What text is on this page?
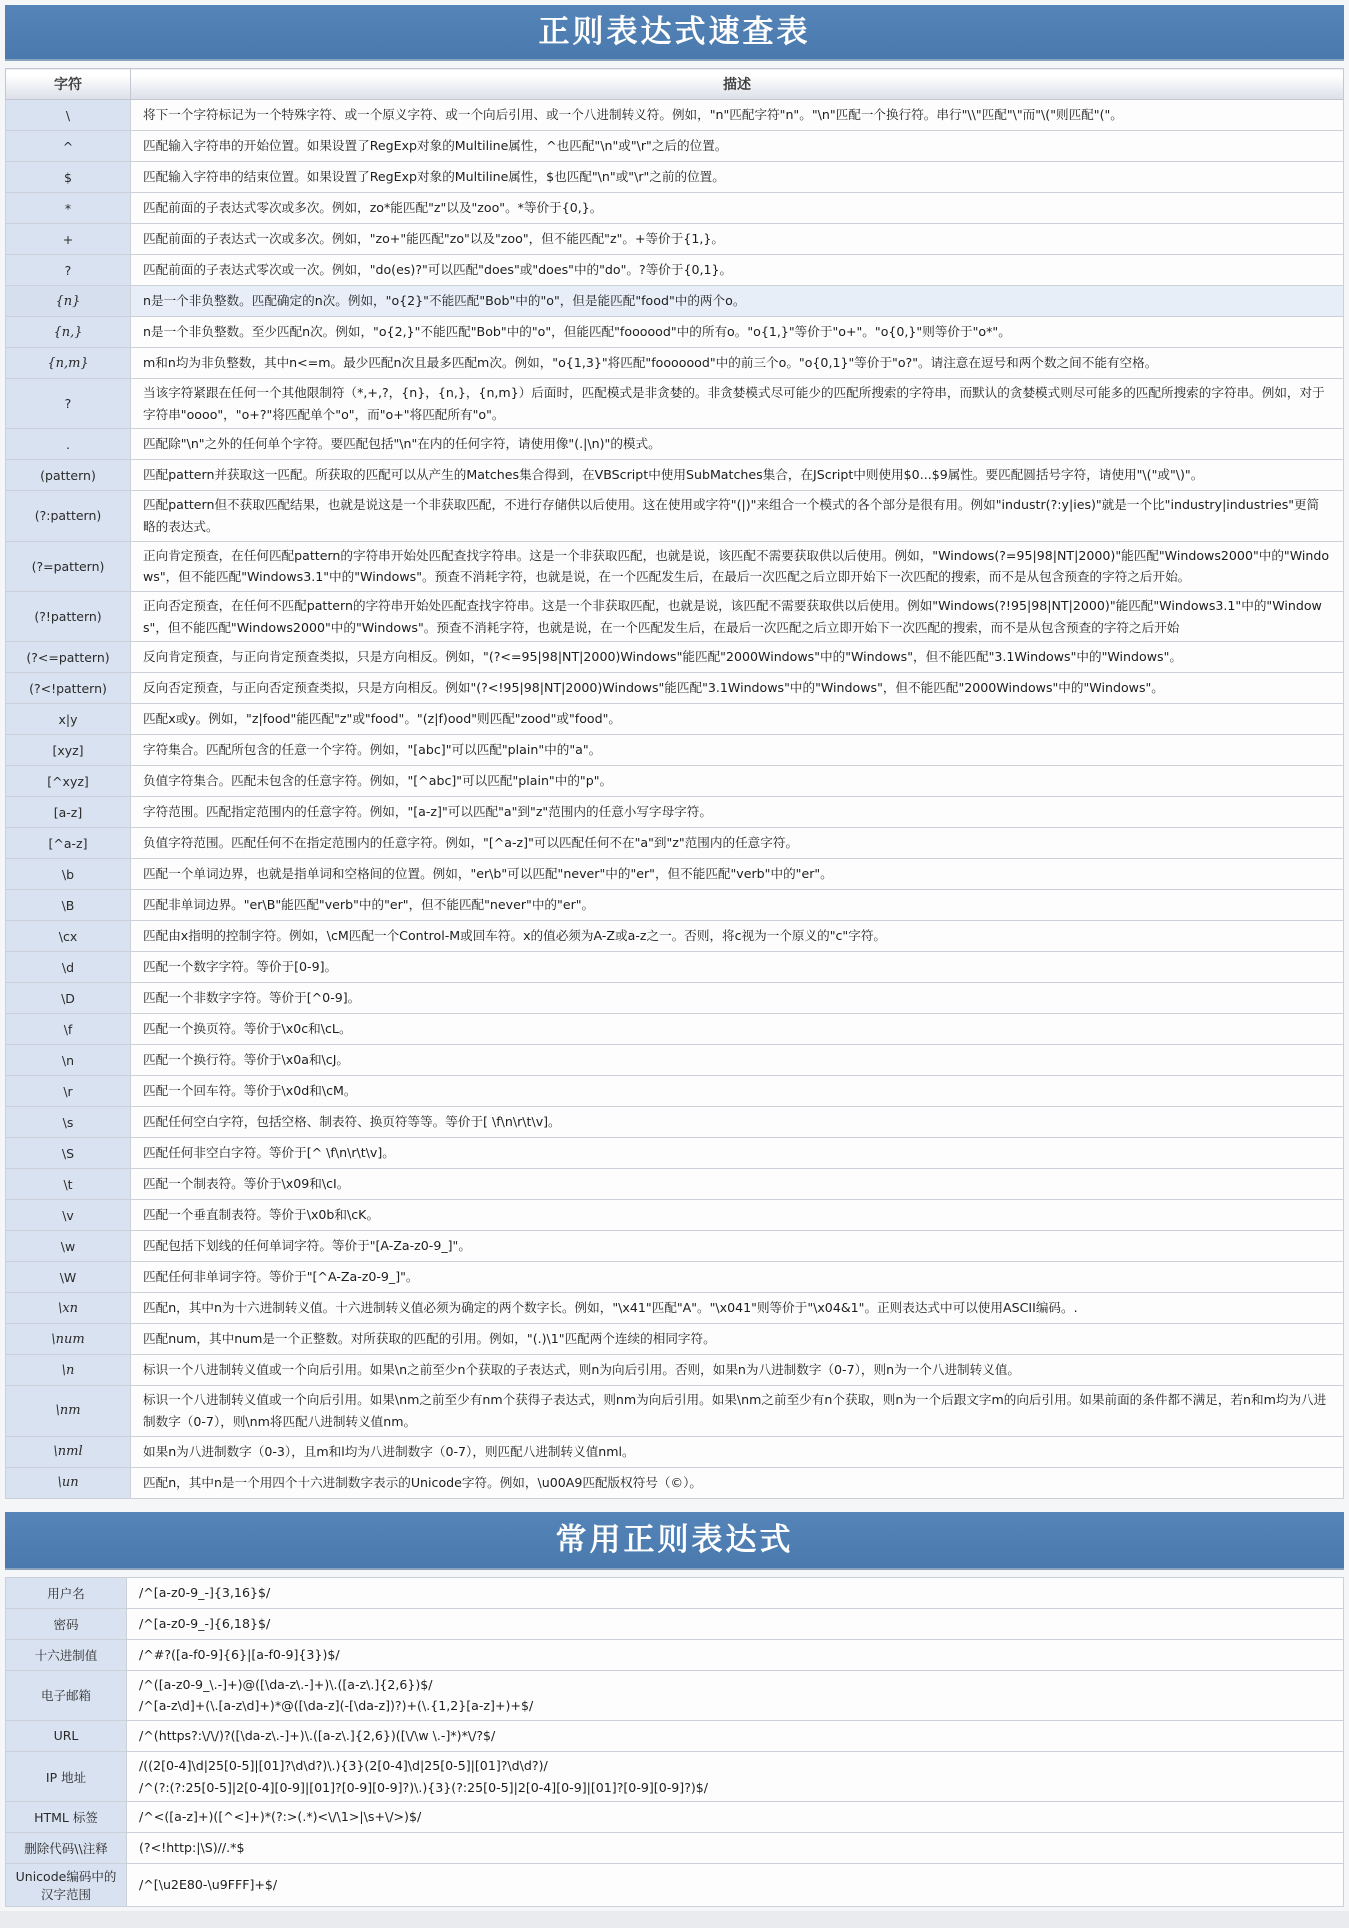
正则表达式速查表
字符	描述
\	将下一个字符标记为一个特殊字符、或一个原义字符、或一个向后引用、或一个八进制转义符。例如，"n"匹配字符"n"。"\n"匹配一个换行符。串行"\\"匹配"\"而"\("则匹配"("。
^	匹配输入字符串的开始位置。如果设置了RegExp对象的Multiline属性，^也匹配"\n"或"\r"之后的位置。
$	匹配输入字符串的结束位置。如果设置了RegExp对象的Multiline属性，$也匹配"\n"或"\r"之前的位置。
*	匹配前面的子表达式零次或多次。例如，zo*能匹配"z"以及"zoo"。*等价于{0,}。
+	匹配前面的子表达式一次或多次。例如，"zo+"能匹配"zo"以及"zoo"，但不能匹配"z"。+等价于{1,}。
?	匹配前面的子表达式零次或一次。例如，"do(es)?"可以匹配"does"或"does"中的"do"。?等价于{0,1}。
{n}	n是一个非负整数。匹配确定的n次。例如，"o{2}"不能匹配"Bob"中的"o"，但是能匹配"food"中的两个o。
{n,}	n是一个非负整数。至少匹配n次。例如，"o{2,}"不能匹配"Bob"中的"o"，但能匹配"foooood"中的所有o。"o{1,}"等价于"o+"。"o{0,}"则等价于"o*"。
{n,m}	m和n均为非负整数，其中n<=m。最少匹配n次且最多匹配m次。例如，"o{1,3}"将匹配"fooooood"中的前三个o。"o{0,1}"等价于"o?"。请注意在逗号和两个数之间不能有空格。
?	当该字符紧跟在任何一个其他限制符（*,+,?，{n}，{n,}，{n,m}）后面时，匹配模式是非贪婪的。非贪婪模式尽可能少的匹配所搜索的字符串，而默认的贪婪模式则尽可能多的匹配所搜索的字符串。例如，对于字符串"oooo"，"o+?"将匹配单个"o"，而"o+"将匹配所有"o"。
.	匹配除"\n"之外的任何单个字符。要匹配包括"\n"在内的任何字符，请使用像"(.|\n)"的模式。
(pattern)	匹配pattern并获取这一匹配。所获取的匹配可以从产生的Matches集合得到，在VBScript中使用SubMatches集合，在JScript中则使用$0...$9属性。要匹配圆括号字符，请使用"\("或"\)"。
(?:pattern)	匹配pattern但不获取匹配结果，也就是说这是一个非获取匹配，不进行存储供以后使用。这在使用或字符"(|)"来组合一个模式的各个部分是很有用。例如"industr(?:y|ies)"就是一个比"industry|industries"更简略的表达式。
(?=pattern)	正向肯定预查，在任何匹配pattern的字符串开始处匹配查找字符串。这是一个非获取匹配，也就是说，该匹配不需要获取供以后使用。例如，"Windows(?=95|98|NT|2000)"能匹配"Windows2000"中的"Windows"，但不能匹配"Windows3.1"中的"Windows"。预查不消耗字符，也就是说，在一个匹配发生后，在最后一次匹配之后立即开始下一次匹配的搜索，而不是从包含预查的字符之后开始。
(?!pattern)	正向否定预查，在任何不匹配pattern的字符串开始处匹配查找字符串。这是一个非获取匹配，也就是说，该匹配不需要获取供以后使用。例如"Windows(?!95|98|NT|2000)"能匹配"Windows3.1"中的"Windows"，但不能匹配"Windows2000"中的"Windows"。预查不消耗字符，也就是说，在一个匹配发生后，在最后一次匹配之后立即开始下一次匹配的搜索，而不是从包含预查的字符之后开始
(?<=pattern)	反向肯定预查，与正向肯定预查类拟，只是方向相反。例如，"(?<=95|98|NT|2000)Windows"能匹配"2000Windows"中的"Windows"，但不能匹配"3.1Windows"中的"Windows"。
(?<!pattern)	反向否定预查，与正向否定预查类拟，只是方向相反。例如"(?<!95|98|NT|2000)Windows"能匹配"3.1Windows"中的"Windows"，但不能匹配"2000Windows"中的"Windows"。
x|y	匹配x或y。例如，"z|food"能匹配"z"或"food"。"(z|f)ood"则匹配"zood"或"food"。
[xyz]	字符集合。匹配所包含的任意一个字符。例如，"[abc]"可以匹配"plain"中的"a"。
[^xyz]	负值字符集合。匹配未包含的任意字符。例如，"[^abc]"可以匹配"plain"中的"p"。
[a-z]	字符范围。匹配指定范围内的任意字符。例如，"[a-z]"可以匹配"a"到"z"范围内的任意小写字母字符。
[^a-z]	负值字符范围。匹配任何不在指定范围内的任意字符。例如，"[^a-z]"可以匹配任何不在"a"到"z"范围内的任意字符。
\b	匹配一个单词边界，也就是指单词和空格间的位置。例如，"er\b"可以匹配"never"中的"er"，但不能匹配"verb"中的"er"。
\B	匹配非单词边界。"er\B"能匹配"verb"中的"er"，但不能匹配"never"中的"er"。
\cx	匹配由x指明的控制字符。例如，\cM匹配一个Control-M或回车符。x的值必须为A-Z或a-z之一。否则，将c视为一个原义的"c"字符。
\d	匹配一个数字字符。等价于[0-9]。
\D	匹配一个非数字字符。等价于[^0-9]。
\f	匹配一个换页符。等价于\x0c和\cL。
\n	匹配一个换行符。等价于\x0a和\cJ。
\r	匹配一个回车符。等价于\x0d和\cM。
\s	匹配任何空白字符，包括空格、制表符、换页符等等。等价于[ \f\n\r\t\v]。
\S	匹配任何非空白字符。等价于[^ \f\n\r\t\v]。
\t	匹配一个制表符。等价于\x09和\cI。
\v	匹配一个垂直制表符。等价于\x0b和\cK。
\w	匹配包括下划线的任何单词字符。等价于"[A-Za-z0-9_]"。
\W	匹配任何非单词字符。等价于"[^A-Za-z0-9_]"。
\xn	匹配n，其中n为十六进制转义值。十六进制转义值必须为确定的两个数字长。例如，"\x41"匹配"A"。"\x041"则等价于"\x04&1"。正则表达式中可以使用ASCII编码。.
\num	匹配num，其中num是一个正整数。对所获取的匹配的引用。例如，"(.)\1"匹配两个连续的相同字符。
\n	标识一个八进制转义值或一个向后引用。如果\n之前至少n个获取的子表达式，则n为向后引用。否则，如果n为八进制数字（0-7），则n为一个八进制转义值。
\nm	标识一个八进制转义值或一个向后引用。如果\nm之前至少有nm个获得子表达式，则nm为向后引用。如果\nm之前至少有n个获取，则n为一个后跟文字m的向后引用。如果前面的条件都不满足，若n和m均为八进制数字（0-7），则\nm将匹配八进制转义值nm。
\nml	如果n为八进制数字（0-3），且m和l均为八进制数字（0-7），则匹配八进制转义值nml。
\un	匹配n，其中n是一个用四个十六进制数字表示的Unicode字符。例如，\u00A9匹配版权符号（©）。
常用正则表达式
用户名	/^[a-z0-9_-]{3,16}$/

密码	/^[a-z0-9_-]{6,18}$/

十六进制值	/^#?([a-f0-9]{6}|[a-f0-9]{3})$/

电子邮箱	/^([a-z0-9_\.-]+)@([\da-z\.-]+)\.([a-z\.]{2,6})$/
/^[a-z\d]+(\.[a-z\d]+)*@([\da-z](-[\da-z])?)+(\.{1,2}[a-z]+)+$/

URL	/^(https?:\/\/)?([\da-z\.-]+)\.([a-z\.]{2,6})([\/\w \.-]*)*\/?$/

IP 地址	/((2[0-4]\d|25[0-5]|[01]?\d\d?)\.){3}(2[0-4]\d|25[0-5]|[01]?\d\d?)/
/^(?:(?:25[0-5]|2[0-4][0-9]|[01]?[0-9][0-9]?)\.){3}(?:25[0-5]|2[0-4][0-9]|[01]?[0-9][0-9]?)$/

HTML 标签	/^<([a-z]+)([^<]+)*(?:>(.*)<\/\1>|\s+\/>)$/

删除代码\\注释	(?<!http:|\S)//.*$

Unicode编码中的汉字范围	/^[\u2E80-\u9FFF]+$/
